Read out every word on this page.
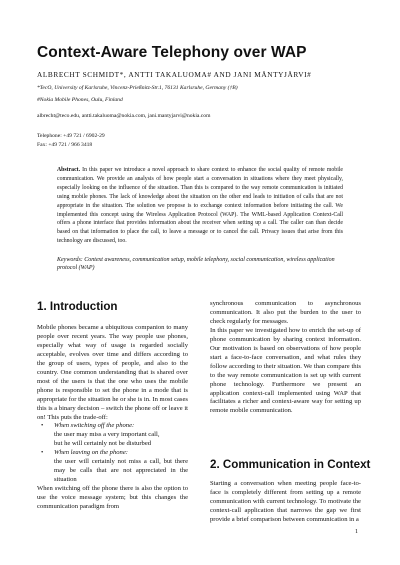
Context-Aware Telephony over WAP
ALBRECHT SCHMIDT*, ANTTI TAKALUOMA# AND JANI MÄNTYJÄRVI#
*TecO, University of Karlsruhe, Vincenz-Prießnitz-Str.1, 76131 Karlsruhe, Germany (†B)
#Nokia Mobile Phones, Oulu, Finland
albrecht@teco.edu, antti.takaluoma@nokia.com, jani.mantyjarvi@nokia.com
Telephone: +49 721 / 6902-29
Fax: +49 721 / 966 3418
Abstract. In this paper we introduce a novel approach to share context to enhance the social quality of remote mobile communication. We provide an analysis of how people start a conversation in situations where they meet physically, especially looking on the influence of the situation. Than this is compared to the way remote communication is initiated using mobile phones. The lack of knowledge about the situation on the other end leads to initiation of calls that are not appropriate in the situation. The solution we propose is to exchange context information before initiating the call. We implemented this concept using the Wireless Application Protocol (WAP). The WML-based Application Context-Call offers a phone interface that provides information about the receiver when setting up a call. The caller can than decide based on that information to place the call, to leave a message or to cancel the call. Privacy issues that arise from this technology are discussed, too.
Keywords: Context awareness, communication setup, mobile telephony, social communication, wireless application protocol (WAP)
1. Introduction

Mobile phones became a ubiquitous companion to many people over recent years. The way people use phones, especially what way of usage is regarded socially acceptable, evolves over time and differs according to the group of users, types of people, and also to the country. One common understanding that is shared over most of the users is that the one who uses the mobile phone is responsible to set the phone in a mode that is appropriate for the situation he or she is in. In most cases this is a binary decision – switch the phone off or leave it on! This puts the trade-off:

• When switching off the phone:
the user may miss a very important call,
but he will certainly not be disturbed
• When leaving on the phone:
the user will certainly not miss a call, but there may be calls that are not appreciated in the situation

When switching off the phone there is also the option to use the voice message system; but this changes the communication paradigm from

synchronous communication to asynchronous communication. It also put the burden to the user to check regularly for messages.

In this paper we investigated how to enrich the set-up of phone communication by sharing context information. Our motivation is based on observations of how people start a face-to-face conversation, and what rules they follow according to their situation. We than compare this to the way remote communication is set up with current phone technology. Furthermore we present an application context-call implemented using WAP that facilitates a richer and context-aware way for setting up remote mobile communication.

2. Communication in Context

Starting a conversation when meeting people face-to-face is completely different from setting up a remote communication with current technology. To motivate the context-call application that narrows the gap we first provide a brief comparison between communication in a

1
